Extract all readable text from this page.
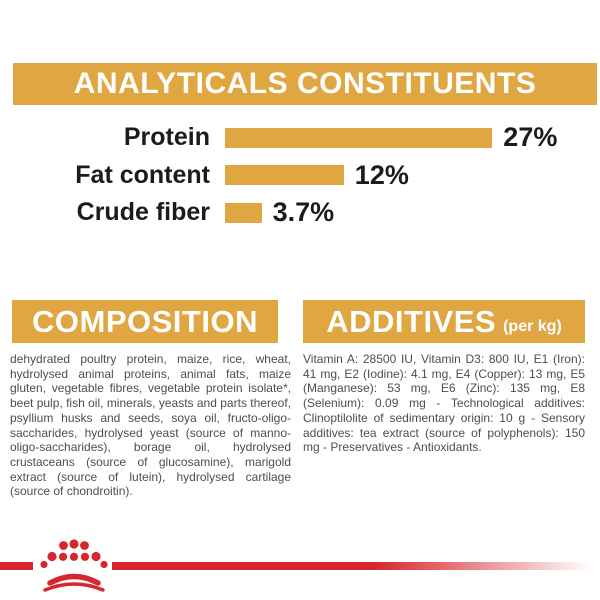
ANALYTICALS CONSTITUENTS
Protein	27%
Fat content	12%
Crude fiber	3.7%
COMPOSITION ADDITIVES (per kg)
dehydrated poultry protein, maize, rice, wheat, hydrolysed animal proteins, animal fats, maize gluten, vegetable fibres, vegetable protein isolate*, beet pulp, fish oil, minerals, yeasts and parts thereof, psyllium husks and seeds, soya oil, fructo-oligo-saccharides, hydrolysed yeast (source of manno-oligo-saccharides), borage oil, hydrolysed crustaceans (source of glucosamine), marigold extract (source of lutein), hydrolysed cartilage (source of chondroitin).
Vitamin A: 28500 IU, Vitamin D3: 800 IU, E1 (Iron): 41 mg, E2 (Iodine): 4.1 mg, E4 (Copper): 13 mg, E5 (Manganese): 53 mg, E6 (Zinc): 135 mg, E8 (Selenium): 0.09 mg - Technological additives: Clinoptilolite of sedimentary origin: 10 g - Sensory additives: tea extract (source of polyphenols): 150 mg - Preservatives - Antioxidants.
